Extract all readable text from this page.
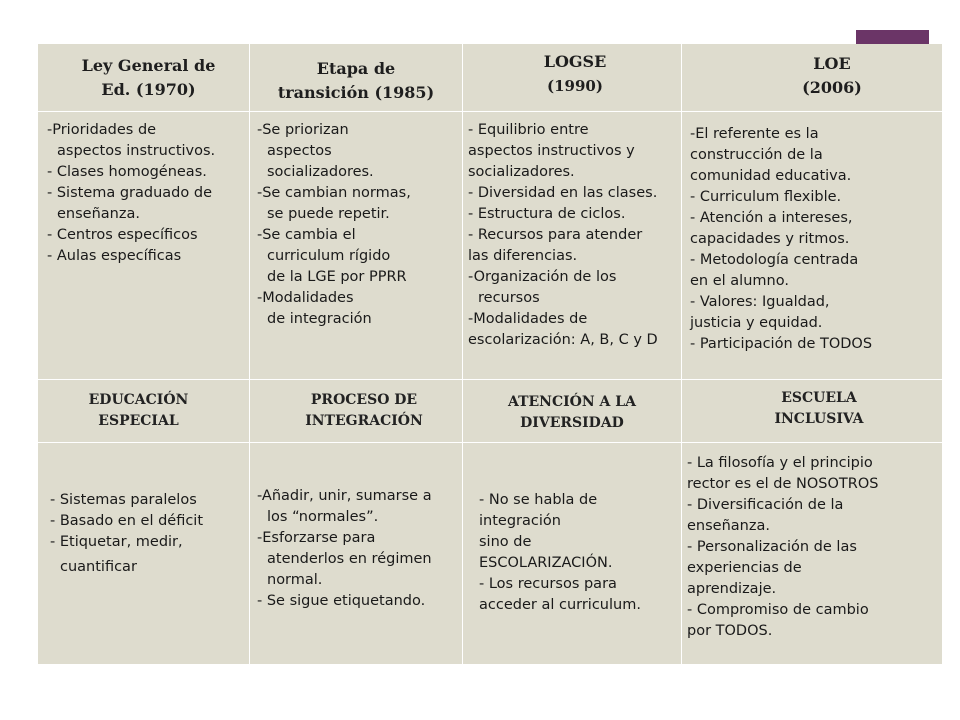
Ley General de
Ed. (1970)
Etapa de
transición (1985)
LOGSE
(1990)
LOE
(2006)
-Prioridades de
aspectos instructivos.
- Clases homogéneas.
- Sistema graduado de
enseñanza.
- Centros específicos
- Aulas específicas
-Se priorizan
aspectos
socializadores.
-Se cambian normas,
se puede repetir.
-Se cambia el
curriculum rígido
de la LGE por PPRR
-Modalidades
de integración
- Equilibrio entre
aspectos instructivos y
socializadores.
- Diversidad en las clases.
- Estructura de ciclos.
- Recursos para atender
las diferencias.
-Organización de los
recursos
-Modalidades de
escolarización: A, B, C y D
-El referente es la
construcción de la
comunidad educativa.
- Curriculum flexible.
- Atención a intereses,
capacidades y ritmos.
- Metodología centrada
en el alumno.
- Valores: Igualdad,
justicia y equidad.
- Participación de TODOS
EDUCACIÓN
ESPECIAL
PROCESO DE
INTEGRACIÓN
ATENCIÓN A LA
DIVERSIDAD
ESCUELA
INCLUSIVA
- Sistemas paralelos
- Basado en el déficit
- Etiquetar, medir,
cuantificar
-Añadir, unir, sumarse a
los “normales”.
-Esforzarse para
atenderlos en régimen
normal.
- Se sigue etiquetando.
- No se habla de
integración
sino de
ESCOLARIZACIÓN.
- Los recursos para
acceder al curriculum.
- La filosofía y el principio
rector es el de NOSOTROS
- Diversificación de la
enseñanza.
- Personalización de las
experiencias de
aprendizaje.
- Compromiso de cambio
por TODOS.
